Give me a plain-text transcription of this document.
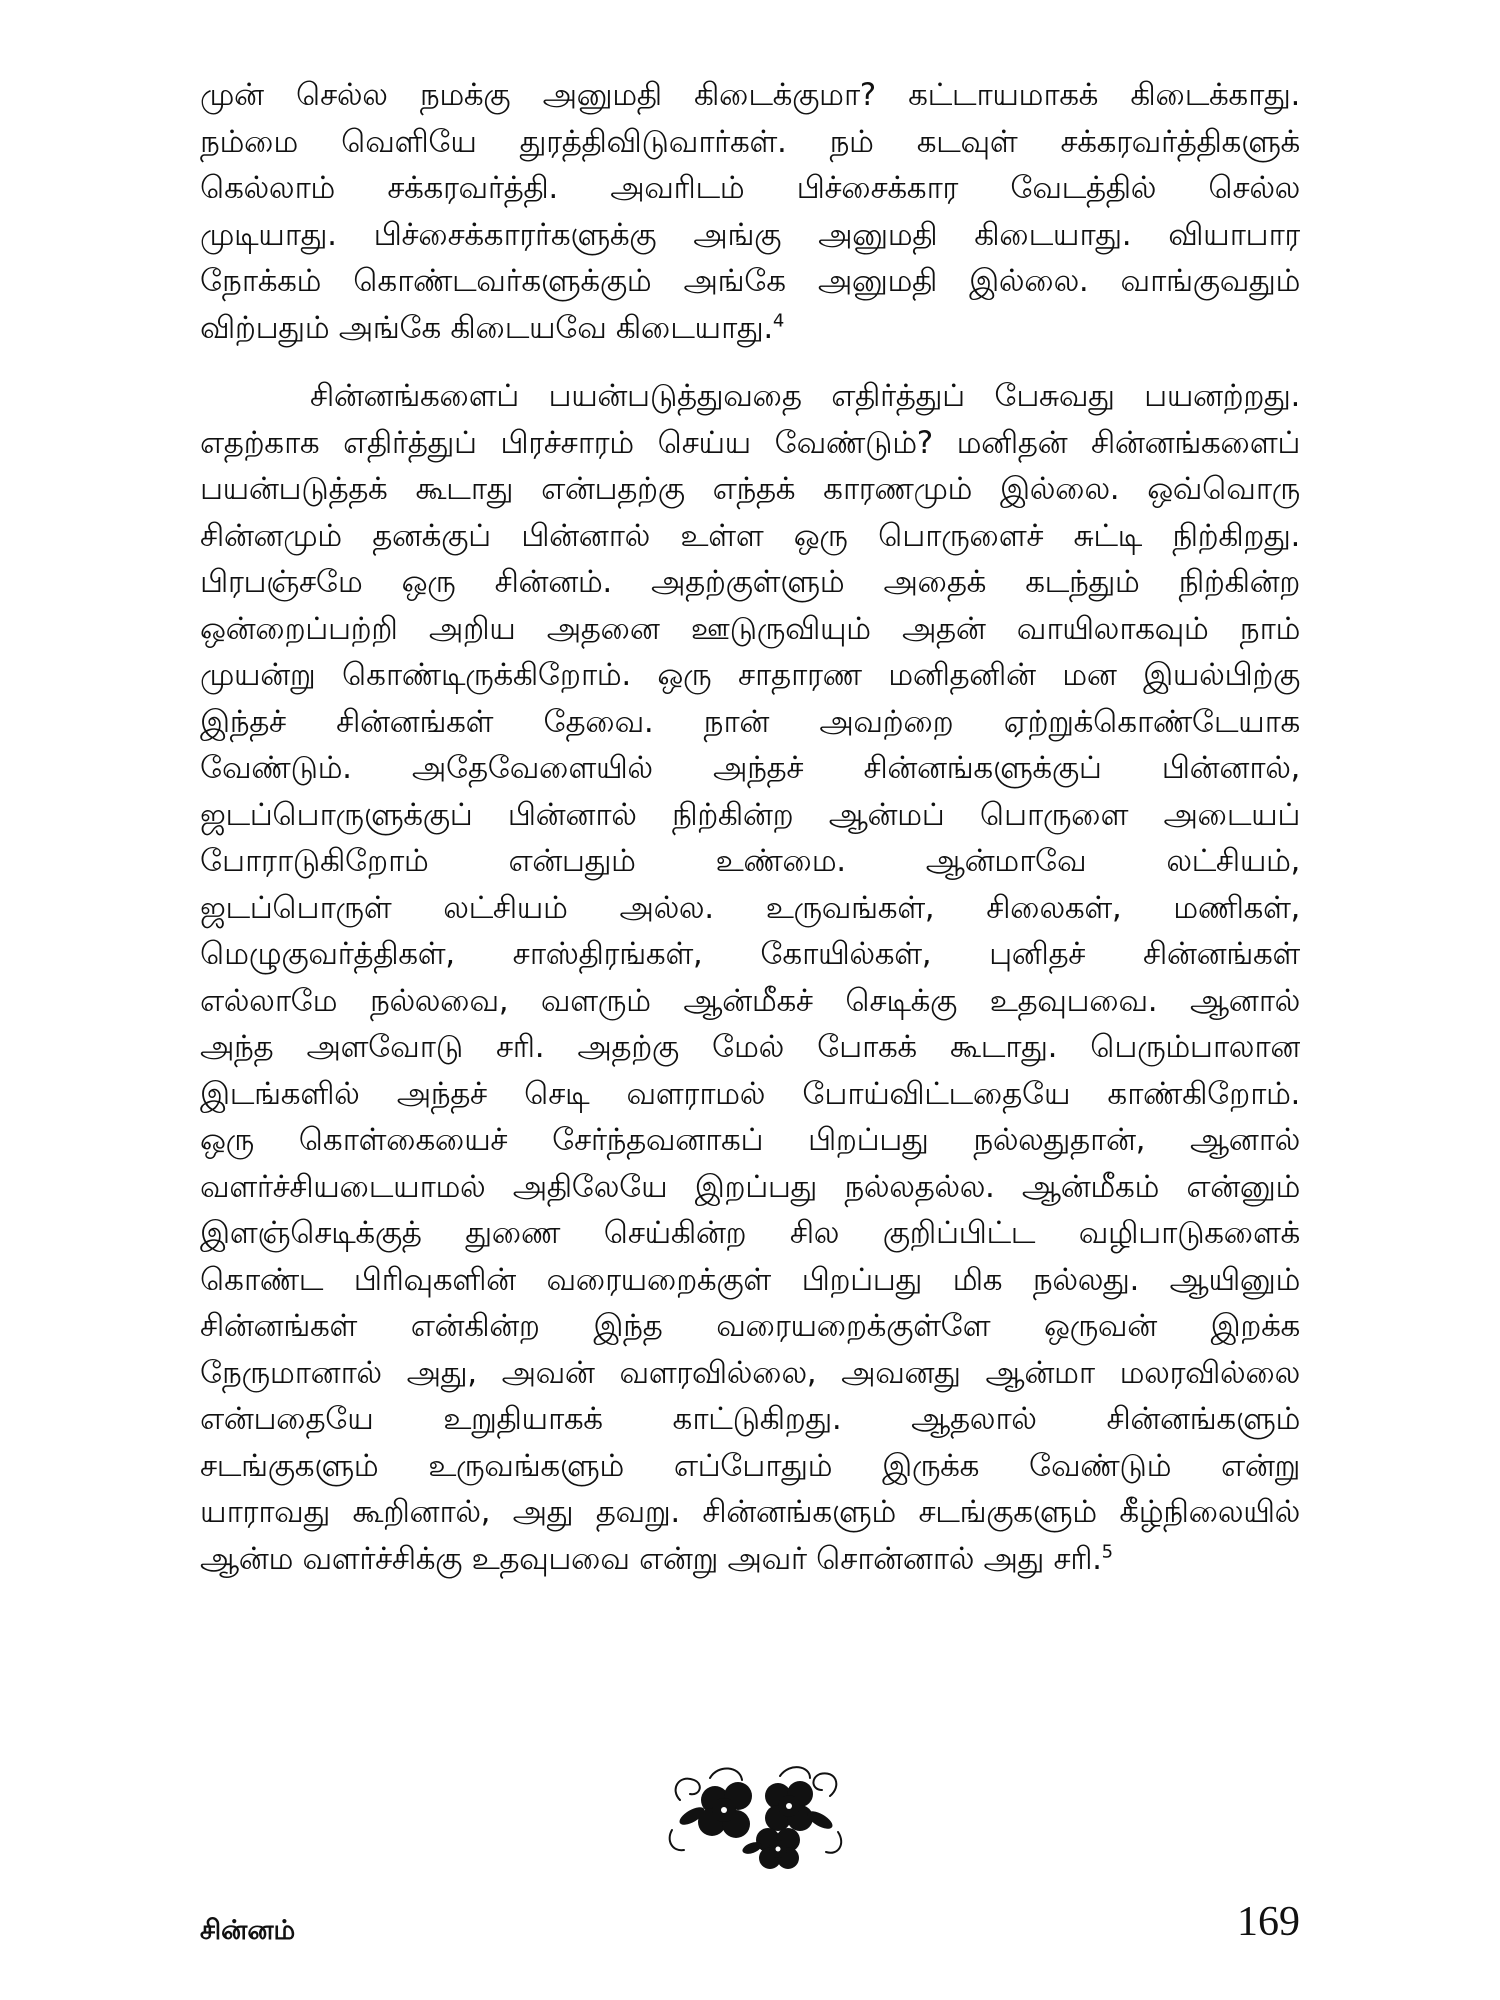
முன் செல்ல நமக்கு அனுமதி கிடைக்குமா? கட்டாயமாகக் கிடைக்காது.
நம்மை வெளியே துரத்திவிடுவார்கள். நம் கடவுள் சக்கரவர்த்திகளுக்
கெல்லாம் சக்கரவர்த்தி. அவரிடம் பிச்சைக்கார வேடத்தில் செல்ல
முடியாது. பிச்சைக்காரர்களுக்கு அங்கு அனுமதி கிடையாது. வியாபார
நோக்கம் கொண்டவர்களுக்கும் அங்கே அனுமதி இல்லை. வாங்குவதும்
விற்பதும் அங்கே கிடையவே கிடையாது.$^4$
சின்னங்களைப் பயன்படுத்துவதை எதிர்த்துப் பேசுவது பயனற்றது.
எதற்காக எதிர்த்துப் பிரச்சாரம் செய்ய வேண்டும்? மனிதன் சின்னங்களைப்
பயன்படுத்தக் கூடாது என்பதற்கு எந்தக் காரணமும் இல்லை. ஒவ்வொரு
சின்னமும் தனக்குப் பின்னால் உள்ள ஒரு பொருளைச் சுட்டி நிற்கிறது.
பிரபஞ்சமே ஒரு சின்னம். அதற்குள்ளும் அதைக் கடந்தும் நிற்கின்ற
ஒன்றைப்பற்றி அறிய அதனை ஊடுருவியும் அதன் வாயிலாகவும் நாம்
முயன்று கொண்டிருக்கிறோம். ஒரு சாதாரண மனிதனின் மன இயல்பிற்கு
இந்தச் சின்னங்கள் தேவை. நான் அவற்றை ஏற்றுக்கொண்டேயாக
வேண்டும். அதேவேளையில் அந்தச் சின்னங்களுக்குப் பின்னால்,
ஜடப்பொருளுக்குப் பின்னால் நிற்கின்ற ஆன்மப் பொருளை அடையப்
போராடுகிறோம் என்பதும் உண்மை. ஆன்மாவே லட்சியம்,
ஜடப்பொருள் லட்சியம் அல்ல. உருவங்கள், சிலைகள், மணிகள்,
மெழுகுவர்த்திகள், சாஸ்திரங்கள், கோயில்கள், புனிதச் சின்னங்கள்
எல்லாமே நல்லவை, வளரும் ஆன்மீகச் செடிக்கு உதவுபவை. ஆனால்
அந்த அளவோடு சரி. அதற்கு மேல் போகக் கூடாது. பெரும்பாலான
இடங்களில் அந்தச் செடி வளராமல் போய்விட்டதையே காண்கிறோம்.
ஒரு கொள்கையைச் சேர்ந்தவனாகப் பிறப்பது நல்லதுதான், ஆனால்
வளர்ச்சியடையாமல் அதிலேயே இறப்பது நல்லதல்ல. ஆன்மீகம் என்னும்
இளஞ்செடிக்குத் துணை செய்கின்ற சில குறிப்பிட்ட வழிபாடுகளைக்
கொண்ட பிரிவுகளின் வரையறைக்குள் பிறப்பது மிக நல்லது. ஆயினும்
சின்னங்கள் என்கின்ற இந்த வரையறைக்குள்ளே ஒருவன் இறக்க
நேருமானால் அது, அவன் வளரவில்லை, அவனது ஆன்மா மலரவில்லை
என்பதையே உறுதியாகக் காட்டுகிறது. ஆதலால் சின்னங்களும்
சடங்குகளும் உருவங்களும் எப்போதும் இருக்க வேண்டும் என்று
யாராவது கூறினால், அது தவறு. சின்னங்களும் சடங்குகளும் கீழ்நிலையில்
ஆன்ம வளர்ச்சிக்கு உதவுபவை என்று அவர் சொன்னால் அது சரி.$^5$
சின்னம்	169
